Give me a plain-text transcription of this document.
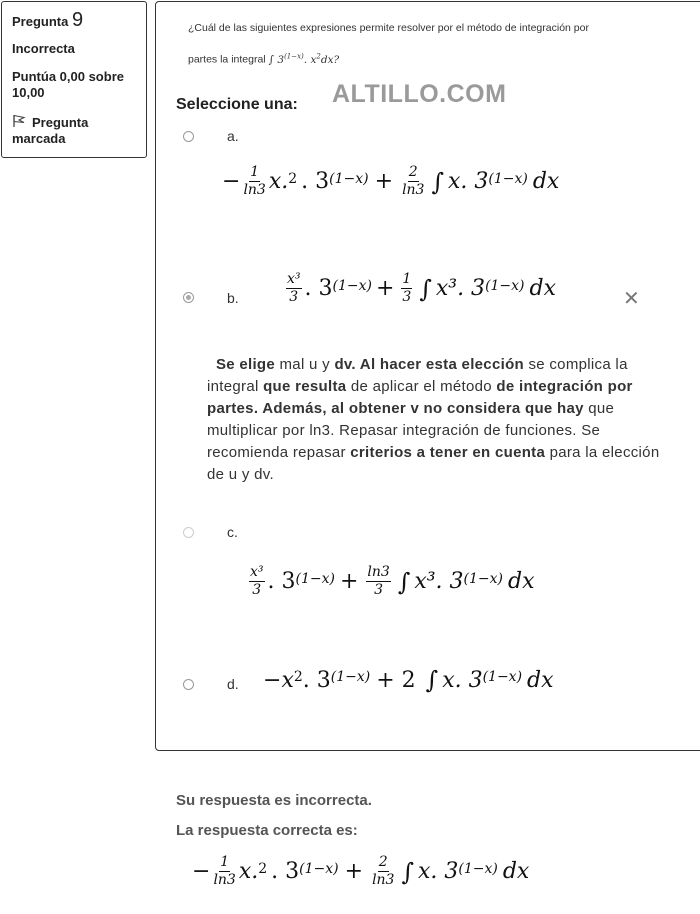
Pregunta 9
Incorrecta
Puntúa 0,00 sobre 10,00
Pregunta marcada
¿Cuál de las siguientes expresiones permite resolver por el método de integración por
partes la integral ∫ $3^{(1-x)}$. $x^2dx$?
ALTILLO.COM
Seleccione una:
a.
− $\frac{1}{\ln 3} x.^2$ . 3 $^{(1-x)} + \frac{2}{\ln 3}$ ∫ x. 3 $^{(1-x)}$ dx
b.	$\frac{\text{x³}}{3}$ . 3 $^{(1-x)} + \frac{1}{3}$ ∫ x³. 3 $^{(1-x)}$ dx	✕
Se elige mal u y dv. Al hacer esta elección se complica la integral que resulta de aplicar el método de integración por partes. Además, al obtener v no considera que hay que multiplicar por ln3. Repasar integración de funciones. Se recomienda repasar criterios a tener en cuenta para la elección de u y dv.
c.
$\frac{\text{x³}}{3}$ . 3 $^{(1-x)} + \frac{\ln 3}{3}$ ∫ x³. 3 $^{(1-x)}$ dx
d. − $x^2$ . 3 $^{(1-x)}$ + 2 ∫ x. 3 $^{(1-x)}$ dx
Su respuesta es incorrecta.
La respuesta correcta es:
− $\frac{1}{\ln 3} x.^2$ . 3 $^{(1-x)} + \frac{2}{\ln 3}$ ∫ x. 3 $^{(1-x)}$ dx
